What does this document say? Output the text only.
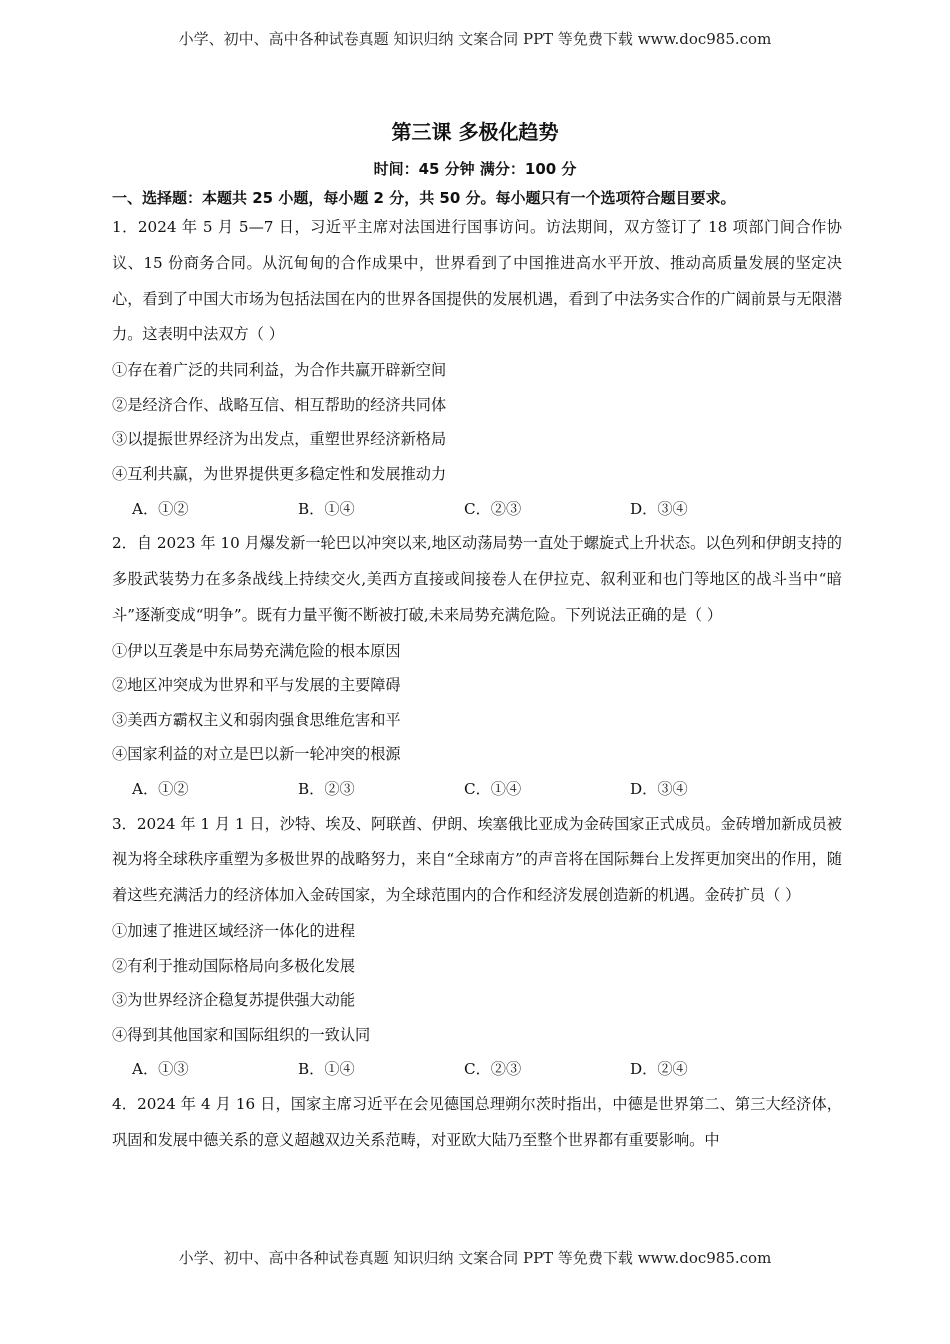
小学、初中、高中各种试卷真题 知识归纳 文案合同 PPT 等免费下载 www.doc985.com
第三课 多极化趋势
时间：45 分钟 满分：100 分
一、选择题：本题共 25 小题，每小题 2 分，共 50 分。每小题只有一个选项符合题目要求。

1．2024 年 5 月 5—7 日，习近平主席对法国进行国事访问。访法期间，双方签订了 18 项部门间合作协议、15 份商务合同。从沉甸甸的合作成果中，世界看到了中国推进高水平开放、推动高质量发展的坚定决心，看到了中国大市场为包括法国在内的世界各国提供的发展机遇，看到了中法务实合作的广阔前景与无限潜力。这表明中法双方（ ）

①存在着广泛的共同利益，为合作共赢开辟新空间
②是经济合作、战略互信、相互帮助的经济共同体
③以提振世界经济为出发点，重塑世界经济新格局
④互利共赢，为世界提供更多稳定性和发展推动力
A．①②	B．①④	C．②③	D．③④

2．自 2023 年 10 月爆发新一轮巴以冲突以来,地区动荡局势一直处于螺旋式上升状态。以色列和伊朗支持的多股武装势力在多条战线上持续交火,美西方直接或间接卷人在伊拉克、叙利亚和也门等地区的战斗当中“暗斗”逐渐变成“明争”。既有力量平衡不断被打破,未来局势充满危险。下列说法正确的是（ ）

①伊以互袭是中东局势充满危险的根本原因
②地区冲突成为世界和平与发展的主要障碍
③美西方霸权主义和弱肉强食思维危害和平
④国家利益的对立是巴以新一轮冲突的根源
A．①②	B．②③	C．①④	D．③④

3．2024 年 1 月 1 日，沙特、埃及、阿联酋、伊朗、埃塞俄比亚成为金砖国家正式成员。金砖增加新成员被视为将全球秩序重塑为多极世界的战略努力，来自“全球南方”的声音将在国际舞台上发挥更加突出的作用，随着这些充满活力的经济体加入金砖国家，为全球范围内的合作和经济发展创造新的机遇。金砖扩员（ ）

①加速了推进区域经济一体化的进程
②有利于推动国际格局向多极化发展
③为世界经济企稳复苏提供强大动能
④得到其他国家和国际组织的一致认同
A．①③	B．①④	C．②③	D．②④

4．2024 年 4 月 16 日，国家主席习近平在会见德国总理朔尔茨时指出，中德是世界第二、第三大经济体，巩固和发展中德关系的意义超越双边关系范畴，对亚欧大陆乃至整个世界都有重要影响。中

小学、初中、高中各种试卷真题 知识归纳 文案合同 PPT 等免费下载 www.doc985.com
